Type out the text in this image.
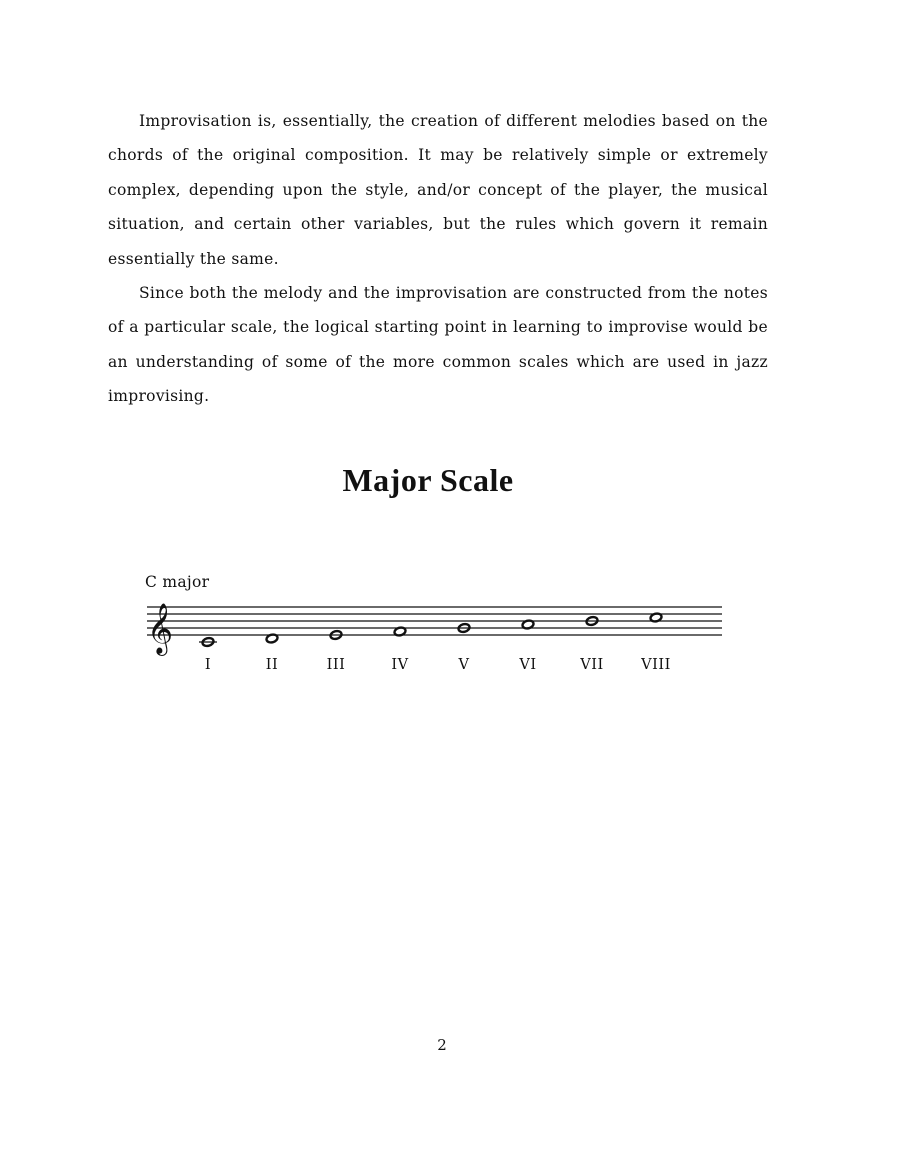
Improvisation is, essentially, the creation of different melodies based on the chords of the original composition. It may be relatively simple or extremely complex, depending upon the style, and/or concept of the player, the musical situation, and certain other variables, but the rules which govern it remain essentially the same.

Since both the melody and the improvisation are constructed from the notes of a particular scale, the logical starting point in learning to improvise would be an understanding of some of the more common scales which are used in jazz improvising.

Major Scale
C major
𝄞
I	II	III	IV	V	VI	VII	VIII
2
